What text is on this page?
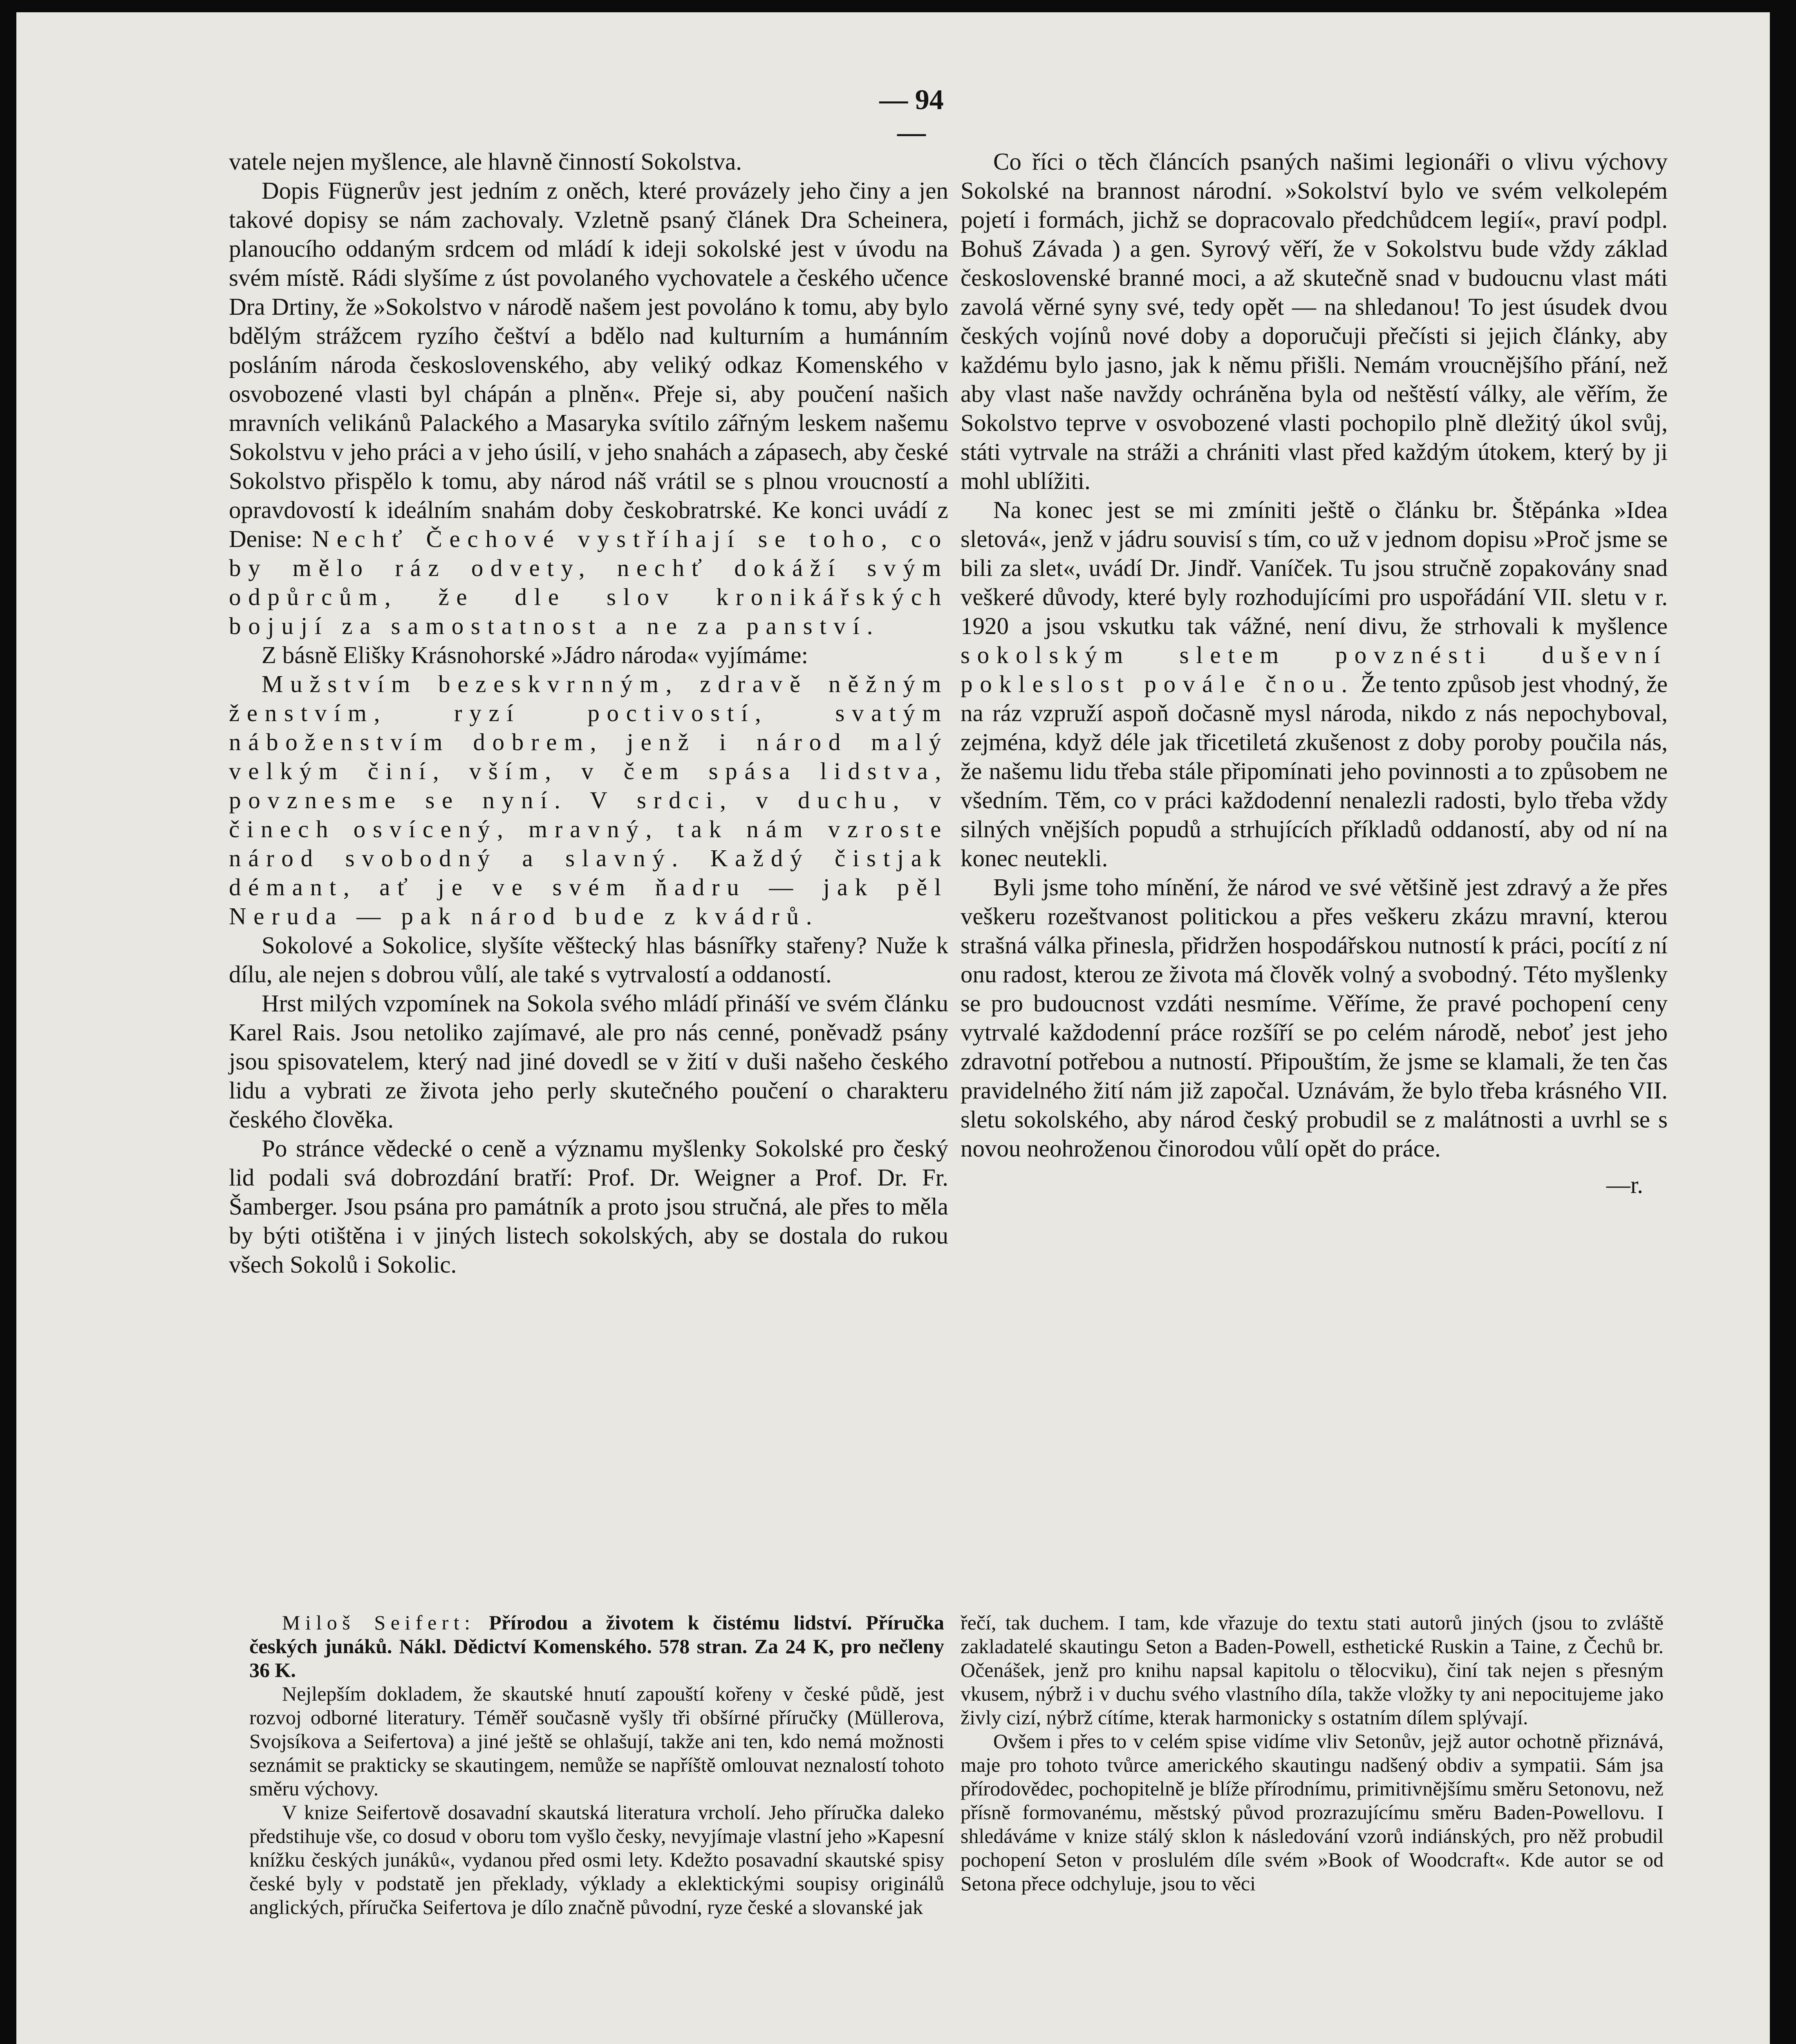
— 94 —

vatele nejen myšlence, ale hlavně činností Sokolstva.

Dopis Fügnerův jest jedním z oněch, které provázely jeho činy a jen takové dopisy se nám zachovaly. Vzletně psaný článek Dra Scheinera, planoucího oddaným srdcem od mládí k ideji sokolské jest v úvodu na svém místě. Rádi slyšíme z úst povolaného vychovatele a českého učence Dra Drtiny, že »Sokolstvo v národě našem jest povoláno k tomu, aby bylo bdělým strážcem ryzího češtví a bdělo nad kulturním a humánním posláním národa československého, aby veliký odkaz Komenského v osvobozené vlasti byl chápán a plněn«. Přeje si, aby poučení našich mravních velikánů Palackého a Masaryka svítilo zářným leskem našemu Sokolstvu v jeho práci a v jeho úsilí, v jeho snahách a zápasech, aby české Sokolstvo přispělo k tomu, aby národ náš vrátil se s plnou vroucností a opravdovostí k ideálním snahám doby českobratrské. Ke konci uvádí z Denise: Nechť Čechové vystříhají se toho, co by mělo ráz odvety, nechť dokáží svým odpůrcům, že dle slov kronikářských bojují za samostatnost a ne za panství.

Z básně Elišky Krásnohorské »Jádro národa« vyjímáme:

Mužstvím bezeskvrnným, zdravě něžným ženstvím, ryzí poctivostí, svatým náboženstvím dobrem, jenž i národ malý velkým činí, vším, v čem spása lidstva, povznesme se nyní. V srdci, v duchu, v činech osvícený, mravný, tak nám vzroste národ svobodný a slavný. Každý čistjak démant, ať je ve svém ňadru — jak pěl Neruda — pak národ bude z kvádrů.

Sokolové a Sokolice, slyšíte věštecký hlas básnířky stařeny? Nuže k dílu, ale nejen s dobrou vůlí, ale také s vytrvalostí a oddaností.

Hrst milých vzpomínek na Sokola svého mládí přináší ve svém článku Karel Rais. Jsou netoliko zajímavé, ale pro nás cenné, poněvadž psány jsou spisovatelem, který nad jiné dovedl se v žití v duši našeho českého lidu a vybrati ze života jeho perly skutečného poučení o charakteru českého člověka.

Po stránce vědecké o ceně a významu myšlenky Sokolské pro český lid podali svá dobrozdání bratří: Prof. Dr. Weigner a Prof. Dr. Fr. Šamberger. Jsou psána pro památník a proto jsou stručná, ale přes to měla by býti otištěna i v jiných listech sokolských, aby se dostala do rukou všech Sokolů i Sokolic.

Co říci o těch článcích psaných našimi legionáři o vlivu výchovy Sokolské na brannost národní. »Sokolství bylo ve svém velkolepém pojetí i formách, jichž se dopracovalo předchůdcem legií«, praví podpl. Bohuš Závada ) a gen. Syrový věří, že v Sokolstvu bude vždy základ československé branné moci, a až skutečně snad v budoucnu vlast máti zavolá věrné syny své, tedy opět — na shledanou! To jest úsudek dvou českých vojínů nové doby a doporučuji přečísti si jejich články, aby každému bylo jasno, jak k němu přišli. Nemám vroucnějšího přání, než aby vlast naše navždy ochráněna byla od neštěstí války, ale věřím, že Sokolstvo teprve v osvobozené vlasti pochopilo plně dležitý úkol svůj, státi vytrvale na stráži a chrániti vlast před každým útokem, který by ji mohl ublížiti.

Na konec jest se mi zmíniti ještě o článku br. Štěpánka »Idea sletová«, jenž v jádru souvisí s tím, co už v jednom dopisu »Proč jsme se bili za slet«, uvádí Dr. Jindř. Vaníček. Tu jsou stručně zopakovány snad veškeré důvody, které byly rozhodujícími pro uspořádání VII. sletu v r. 1920 a jsou vskutku tak vážné, není divu, že strhovali k myšlence sokolským sletem povznésti duševní pokleslost povále čnou. Že tento způsob jest vhodný, že na ráz vzpruží aspoň dočasně mysl národa, nikdo z nás nepochyboval, zejména, když déle jak třicetiletá zkušenost z doby poroby poučila nás, že našemu lidu třeba stále připomínati jeho povinnosti a to způsobem ne všedním. Těm, co v práci každodenní nenalezli radosti, bylo třeba vždy silných vnějších popudů a strhujících příkladů oddaností, aby od ní na konec neutekli.

Byli jsme toho mínění, že národ ve své většině jest zdravý a že přes veškeru rozeštvanost politickou a přes veškeru zkázu mravní, kterou strašná válka přinesla, přidržen hospodářskou nutností k práci, pocítí z ní onu radost, kterou ze života má člověk volný a svobodný. Této myšlenky se pro budoucnost vzdáti nesmíme. Věříme, že pravé pochopení ceny vytrvalé každodenní práce rozšíří se po celém národě, neboť jest jeho zdravotní potřebou a nutností. Připouštím, že jsme se klamali, že ten čas pravidelného žití nám již započal. Uznávám, že bylo třeba krásného VII. sletu sokolského, aby národ český probudil se z malátnosti a uvrhl se s novou neohroženou činorodou vůlí opět do práce.

—r.

Miloš Seifert: Přírodou a životem k čistému lidství. Příručka českých junáků. Nákl. Dědictví Komenského. 578 stran. Za 24 K, pro nečleny 36 K.

Nejlepším dokladem, že skautské hnutí zapouští kořeny v české půdě, jest rozvoj odborné literatury. Téměř současně vyšly tři obšírné příručky (Müllerova, Svojsíkova a Seifertova) a jiné ještě se ohlašují, takže ani ten, kdo nemá možnosti seznámit se prakticky se skautingem, nemůže se napříště omlouvat neznalostí tohoto směru výchovy.

V knize Seifertově dosavadní skautská literatura vrcholí. Jeho příručka daleko předstihuje vše, co dosud v oboru tom vyšlo česky, nevyjímaje vlastní jeho »Kapesní knížku českých junáků«, vydanou před osmi lety. Kdežto posavadní skautské spisy české byly v podstatě jen překlady, výklady a eklektickými soupisy originálů anglických, příručka Seifertova je dílo značně původní, ryze české a slovanské jak

řečí, tak duchem. I tam, kde vřazuje do textu stati autorů jiných (jsou to zvláště zakladatelé skautingu Seton a Baden-Powell, esthetické Ruskin a Taine, z Čechů br. Očenášek, jenž pro knihu napsal kapitolu o tělocviku), činí tak nejen s přesným vkusem, nýbrž i v duchu svého vlastního díla, takže vložky ty ani nepocitujeme jako živly cizí, nýbrž cítíme, kterak harmonicky s ostatním dílem splývají.

Ovšem i přes to v celém spise vidíme vliv Setonův, jejž autor ochotně přiznává, maje pro tohoto tvůrce amerického skautingu nadšený obdiv a sympatii. Sám jsa přírodovědec, pochopitelně je blíže přírodnímu, primitivnějšímu směru Setonovu, než přísně formovanému, městský původ prozrazujícímu směru Baden-Powellovu. I shledáváme v knize stálý sklon k následování vzorů indiánských, pro něž probudil pochopení Seton v proslulém díle svém »Book of Woodcraft«. Kde autor se od Setona přece odchyluje, jsou to věci
